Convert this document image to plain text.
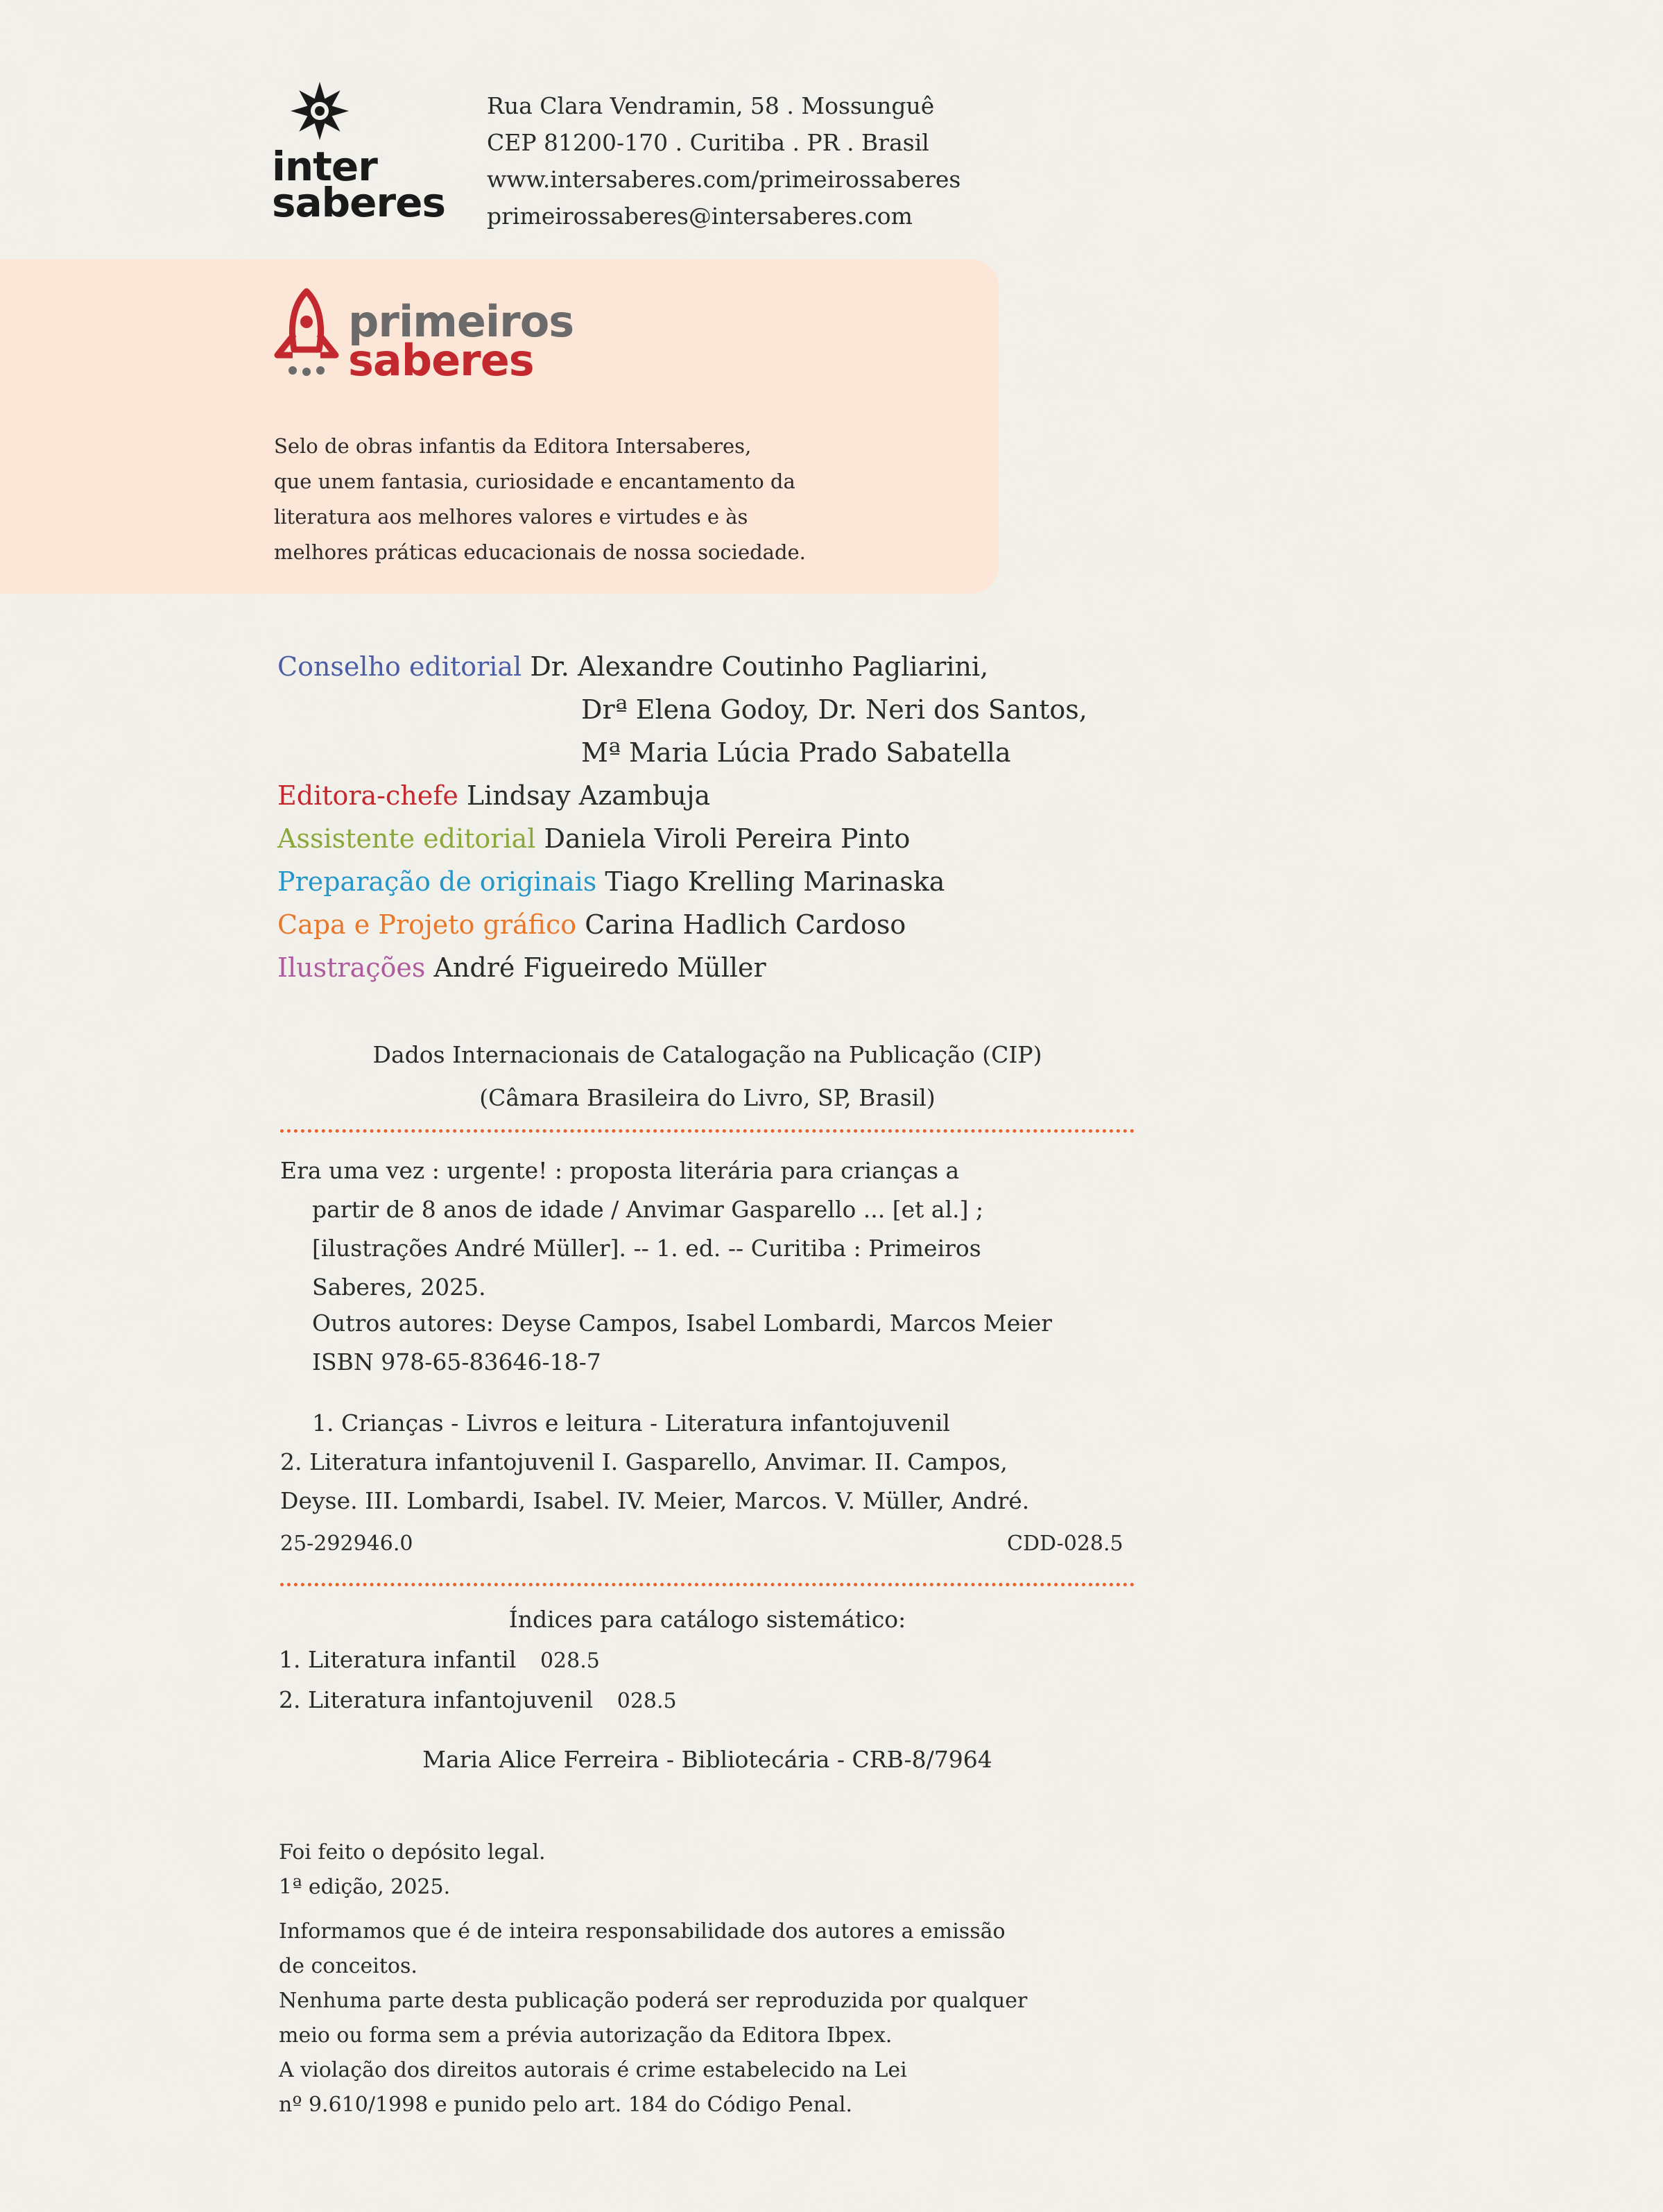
inter
saberes
Rua Clara Vendramin, 58 . Mossunguê
CEP 81200-170 . Curitiba . PR . Brasil
www.intersaberes.com/primeirossaberes
primeirossaberes@intersaberes.com
primeiros
saberes
Selo de obras infantis da Editora Intersaberes,
que unem fantasia, curiosidade e encantamento da
literatura aos melhores valores e virtudes e às
melhores práticas educacionais de nossa sociedade.
Conselho editorial Dr. Alexandre Coutinho Pagliarini,
Drª Elena Godoy, Dr. Neri dos Santos,
Mª Maria Lúcia Prado Sabatella
Editora-chefe Lindsay Azambuja
Assistente editorial Daniela Viroli Pereira Pinto
Preparação de originais Tiago Krelling Marinaska
Capa e Projeto gráfico Carina Hadlich Cardoso
Ilustrações André Figueiredo Müller
Dados Internacionais de Catalogação na Publicação (CIP)
(Câmara Brasileira do Livro, SP, Brasil)
Era uma vez : urgente! : proposta literária para crianças a
partir de 8 anos de idade / Anvimar Gasparello ... [et al.] ;
[ilustrações André Müller]. -- 1. ed. -- Curitiba : Primeiros
Saberes, 2025.
Outros autores: Deyse Campos, Isabel Lombardi, Marcos Meier
ISBN 978-65-83646-18-7
1. Crianças - Livros e leitura - Literatura infantojuvenil
2. Literatura infantojuvenil I. Gasparello, Anvimar. II. Campos,
Deyse. III. Lombardi, Isabel. IV. Meier, Marcos. V. Müller, André.
25-292946.0	CDD-028.5
Índices para catálogo sistemático:
1. Literatura infantil 028.5
2. Literatura infantojuvenil 028.5
Maria Alice Ferreira - Bibliotecária - CRB-8/7964
Foi feito o depósito legal.
1ª edição, 2025.
Informamos que é de inteira responsabilidade dos autores a emissão
de conceitos.
Nenhuma parte desta publicação poderá ser reproduzida por qualquer
meio ou forma sem a prévia autorização da Editora Ibpex.
A violação dos direitos autorais é crime estabelecido na Lei
nº 9.610/1998 e punido pelo art. 184 do Código Penal.
